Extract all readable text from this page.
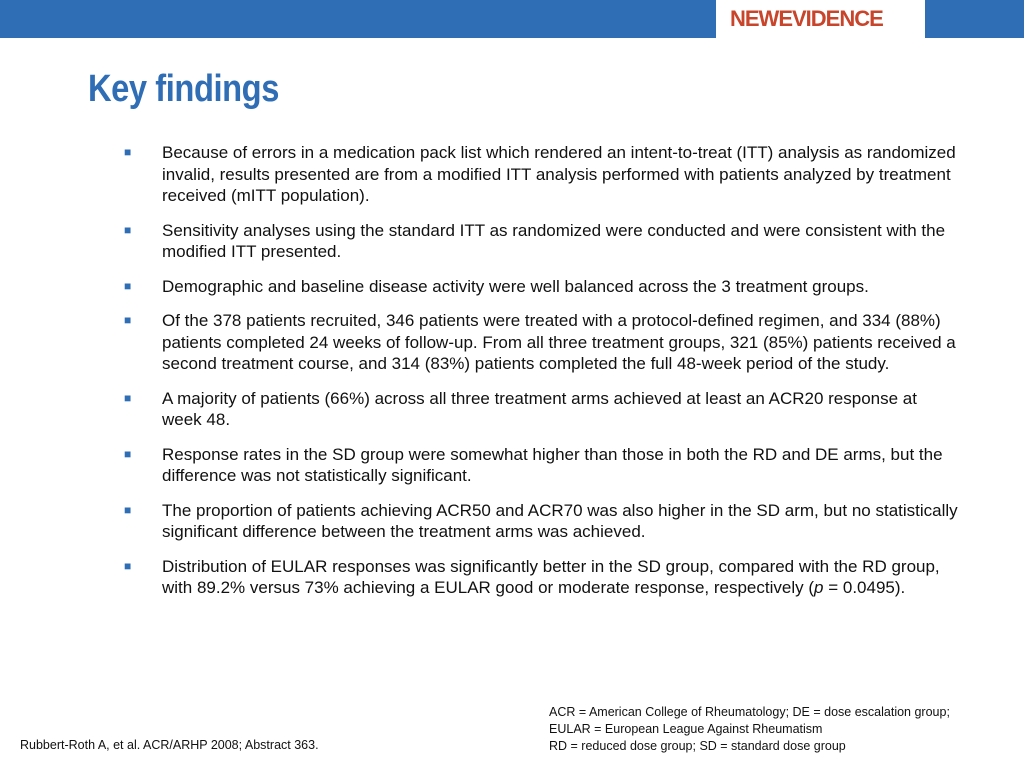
NEWEVIDENCE
Key findings
■ Because of errors in a medication pack list which rendered an intent-to-treat (ITT) analysis as randomized invalid, results presented are from a modified ITT analysis performed with patients analyzed by treatment received (mITT population).
■ Sensitivity analyses using the standard ITT as randomized were conducted and were consistent with the modified ITT presented.
■ Demographic and baseline disease activity were well balanced across the 3 treatment groups.
■ Of the 378 patients recruited, 346 patients were treated with a protocol-defined regimen, and 334 (88%) patients completed 24 weeks of follow-up. From all three treatment groups, 321 (85%) patients received a second treatment course, and 314 (83%) patients completed the full 48-week period of the study.
■ A majority of patients (66%) across all three treatment arms achieved at least an ACR20 response at week 48.
■ Response rates in the SD group were somewhat higher than those in both the RD and DE arms, but the difference was not statistically significant.
■ The proportion of patients achieving ACR50 and ACR70 was also higher in the SD arm, but no statistically significant difference between the treatment arms was achieved.
■ Distribution of EULAR responses was significantly better in the SD group, compared with the RD group, with 89.2% versus 73% achieving a EULAR good or moderate response, respectively (p = 0.0495).
ACR = American College of Rheumatology; DE = dose escalation group;
EULAR = European League Against Rheumatism
RD = reduced dose group; SD = standard dose group
Rubbert-Roth A, et al. ACR/ARHP 2008; Abstract 363.
